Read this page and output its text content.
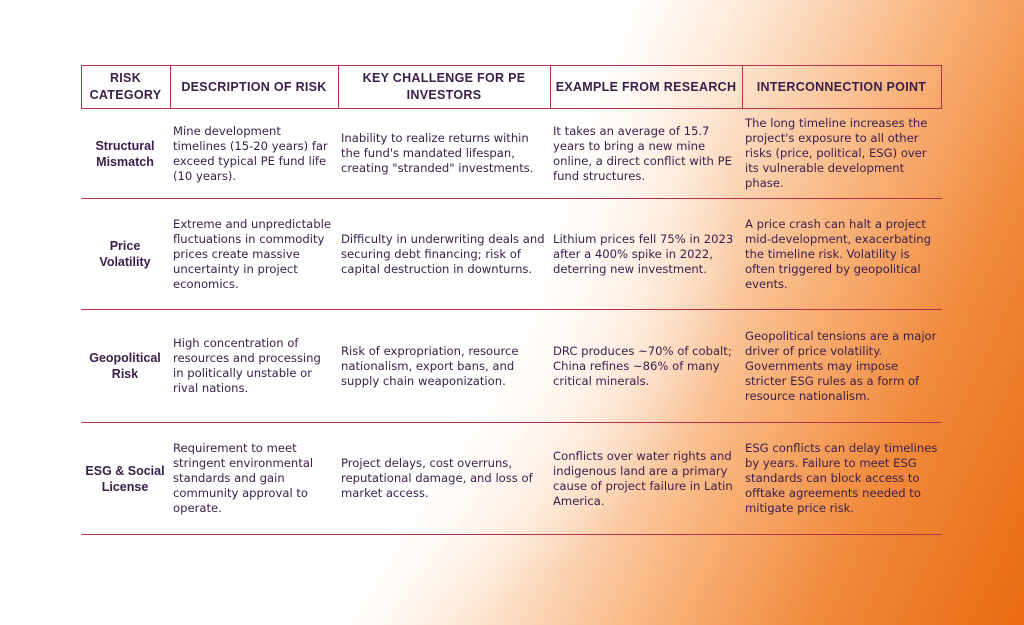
RISK CATEGORY
DESCRIPTION OF RISK
KEY CHALLENGE FOR PE INVESTORS
EXAMPLE FROM RESEARCH	INTERCONNECTION POINT
Structural Mismatch
Mine development timelines (15-20 years) far exceed typical PE fund life (10 years).
Inability to realize returns within the fund's mandated lifespan, creating "stranded" investments.
It takes an average of 15.7 years to bring a new mine online, a direct conflict with PE fund structures.
The long timeline increases the project's exposure to all other risks (price, political, ESG) over its vulnerable development phase.
Price Volatility
Extreme and unpredictable fluctuations in commodity prices create massive uncertainty in project economics.
Difficulty in underwriting deals and securing debt financing; risk of capital destruction in downturns.
Lithium prices fell 75% in 2023 after a 400% spike in 2022, deterring new investment.
A price crash can halt a project mid-development, exacerbating the timeline risk. Volatility is often triggered by geopolitical events.
Geopolitical Risk
High concentration of resources and processing in politically unstable or rival nations.
Risk of expropriation, resource nationalism, export bans, and supply chain weaponization.
DRC produces ~70% of cobalt; China refines ~86% of many critical minerals.
Geopolitical tensions are a major driver of price volatility. Governments may impose stricter ESG rules as a form of resource nationalism.
ESG & Social License
Requirement to meet stringent environmental standards and gain community approval to operate.
Project delays, cost overruns, reputational damage, and loss of market access.
Conflicts over water rights and indigenous land are a primary cause of project failure in Latin America.
ESG conflicts can delay timelines by years. Failure to meet ESG standards can block access to offtake agreements needed to mitigate price risk.
